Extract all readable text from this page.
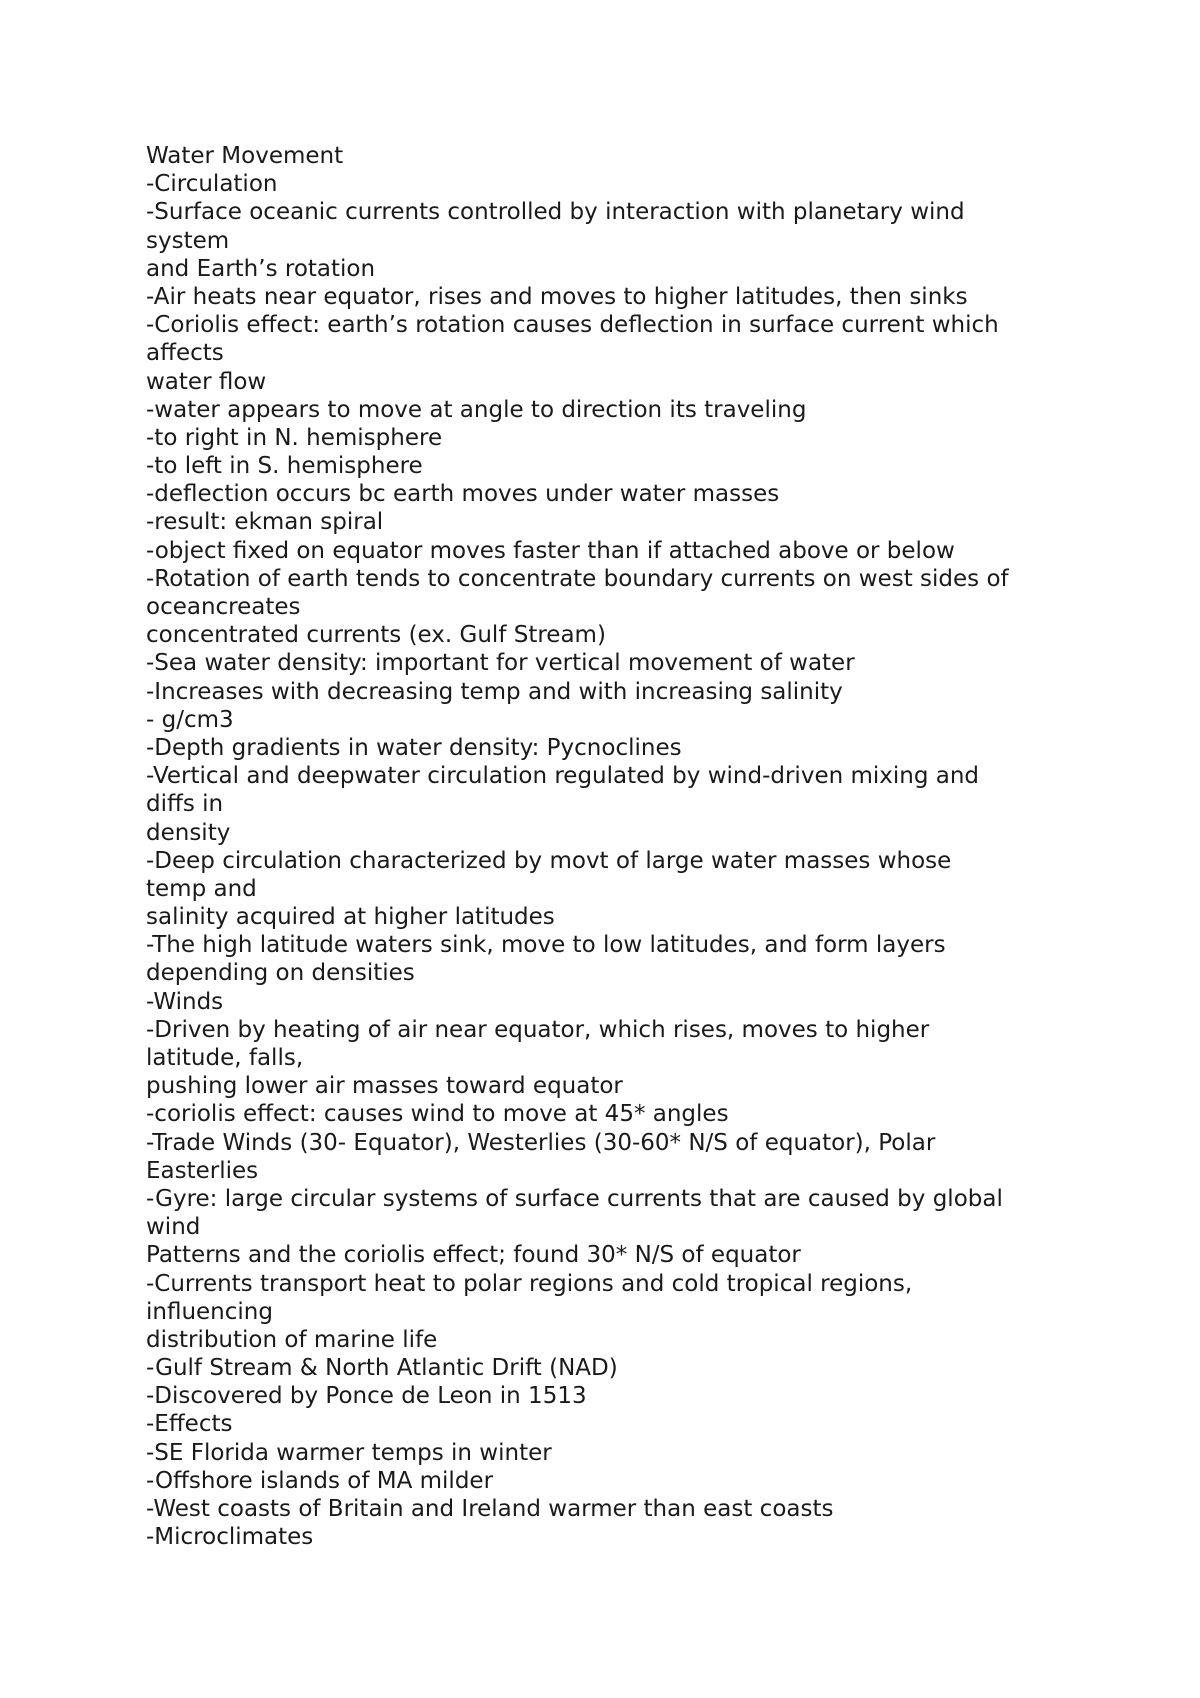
Water Movement
-Circulation
-Surface oceanic currents controlled by interaction with planetary wind
system
and Earth’s rotation
-Air heats near equator, rises and moves to higher latitudes, then sinks
-Coriolis effect: earth’s rotation causes deflection in surface current which
affects
water flow
-water appears to move at angle to direction its traveling
-to right in N. hemisphere
-to left in S. hemisphere
-deflection occurs bc earth moves under water masses
-result: ekman spiral
-object fixed on equator moves faster than if attached above or below
-Rotation of earth tends to concentrate boundary currents on west sides of
oceancreates
concentrated currents (ex. Gulf Stream)
-Sea water density: important for vertical movement of water
-Increases with decreasing temp and with increasing salinity
- g/cm3
-Depth gradients in water density: Pycnoclines
-Vertical and deepwater circulation regulated by wind-driven mixing and
diffs in
density
-Deep circulation characterized by movt of large water masses whose
temp and
salinity acquired at higher latitudes
-The high latitude waters sink, move to low latitudes, and form layers
depending on densities
-Winds
-Driven by heating of air near equator, which rises, moves to higher
latitude, falls,
pushing lower air masses toward equator
-coriolis effect: causes wind to move at 45* angles
-Trade Winds (30- Equator), Westerlies (30-60* N/S of equator), Polar
Easterlies
-Gyre: large circular systems of surface currents that are caused by global
wind
Patterns and the coriolis effect; found 30* N/S of equator
-Currents transport heat to polar regions and cold tropical regions,
influencing
distribution of marine life
-Gulf Stream & North Atlantic Drift (NAD)
-Discovered by Ponce de Leon in 1513
-Effects
-SE Florida warmer temps in winter
-Offshore islands of MA milder
-West coasts of Britain and Ireland warmer than east coasts
-Microclimates
